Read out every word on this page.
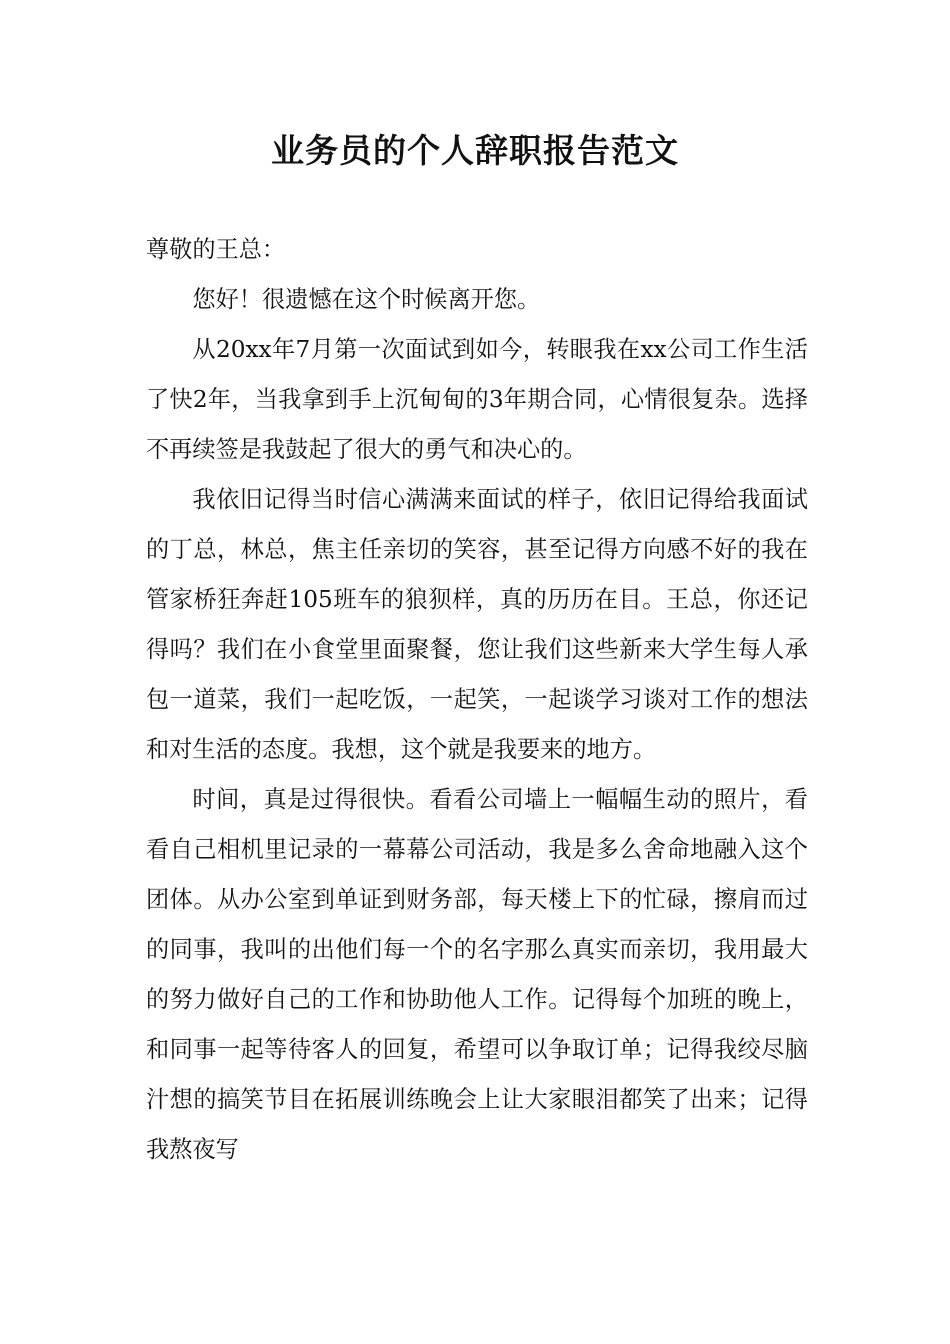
业务员的个人辞职报告范文

尊敬的王总：

您好！很遗憾在这个时候离开您。

从20xx年7月第一次面试到如今，转眼我在xx公司工作生活了快2年，当我拿到手上沉甸甸的3年期合同，心情很复杂。选择不再续签是我鼓起了很大的勇气和决心的。

我依旧记得当时信心满满来面试的样子，依旧记得给我面试的丁总，林总，焦主任亲切的笑容，甚至记得方向感不好的我在管家桥狂奔赶105班车的狼狈样，真的历历在目。王总，你还记得吗？我们在小食堂里面聚餐，您让我们这些新来大学生每人承包一道菜，我们一起吃饭，一起笑，一起谈学习谈对工作的想法和对生活的态度。我想，这个就是我要来的地方。

时间，真是过得很快。看看公司墙上一幅幅生动的照片，看看自己相机里记录的一幕幕公司活动，我是多么舍命地融入这个团体。从办公室到单证到财务部，每天楼上下的忙碌，擦肩而过的同事，我叫的出他们每一个的名字那么真实而亲切，我用最大的努力做好自己的工作和协助他人工作。记得每个加班的晚上，和同事一起等待客人的回复，希望可以争取订单；记得我绞尽脑汁想的搞笑节目在拓展训练晚会上让大家眼泪都笑了出来；记得我熬夜写
